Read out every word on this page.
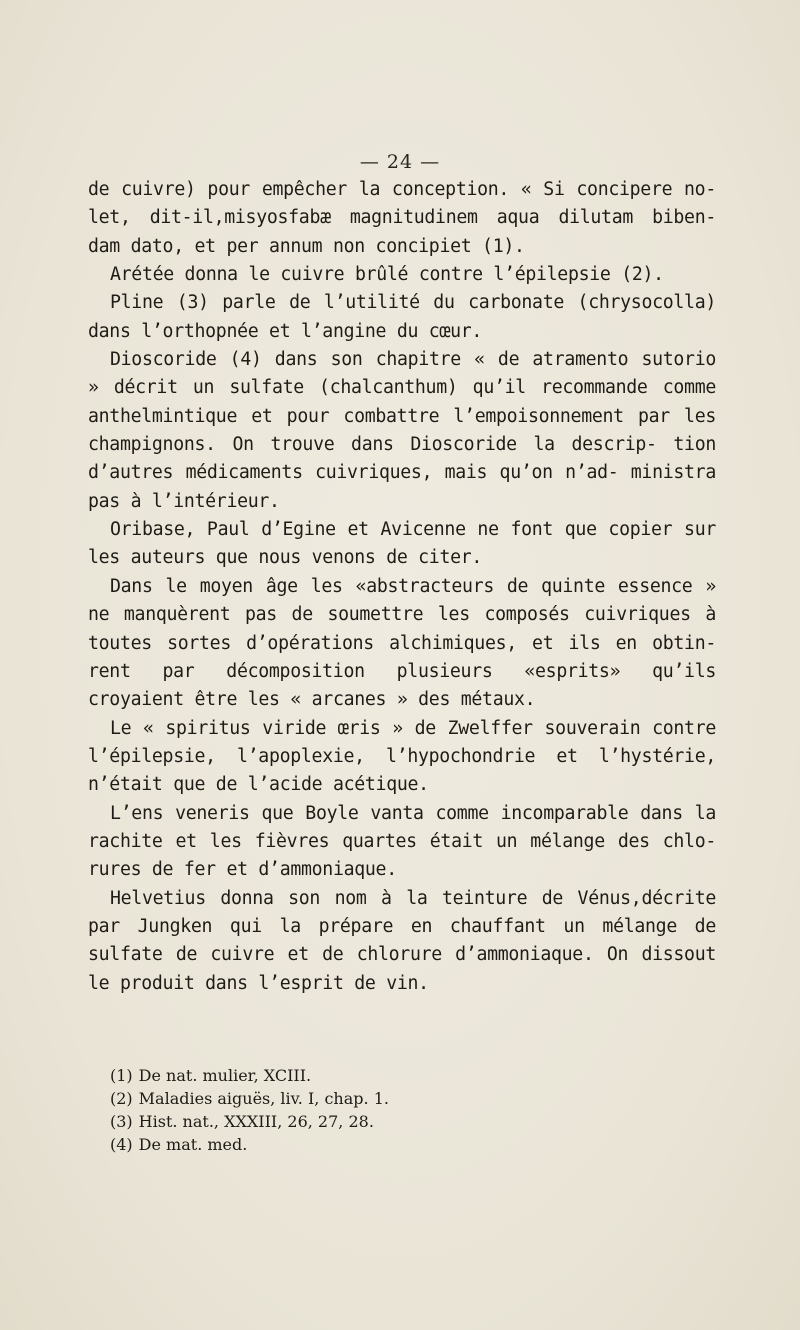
— 24 —

de cuivre) pour empêcher la conception. « Si concipere no- let, dit-il,misyosfabæ magnitudinem aqua dilutam biben- dam dato, et per annum non concipiet (1).

Arétée donna le cuivre brûlé contre l’épilepsie (2).

Pline (3) parle de l’utilité du carbonate (chrysocolla) dans l’orthopnée et l’angine du cœur.

Dioscoride (4) dans son chapitre « de atramento sutorio » décrit un sulfate (chalcanthum) qu’il recommande comme anthelmintique et pour combattre l’empoisonnement par les champignons. On trouve dans Dioscoride la descrip- tion d’autres médicaments cuivriques, mais qu’on n’ad- ministra pas à l’intérieur.

Oribase, Paul d’Egine et Avicenne ne font que copier sur les auteurs que nous venons de citer.

Dans le moyen âge les «abstracteurs de quinte essence » ne manquèrent pas de soumettre les composés cuivriques à toutes sortes d’opérations alchimiques, et ils en obtin- rent par décomposition plusieurs «esprits» qu’ils croyaient être les « arcanes » des métaux.

Le « spiritus viride œris » de Zwelffer souverain contre l’épilepsie, l’apoplexie, l’hypochondrie et l’hystérie, n’était que de l’acide acétique.

L’ens veneris que Boyle vanta comme incomparable dans la rachite et les fièvres quartes était un mélange des chlo- rures de fer et d’ammoniaque.

Helvetius donna son nom à la teinture de Vénus,décrite par Jungken qui la prépare en chauffant un mélange de sulfate de cuivre et de chlorure d’ammoniaque. On dissout le produit dans l’esprit de vin.

(1) De nat. mulier, XCIII.
(2) Maladies aiguës, liv. I, chap. 1.
(3) Hist. nat., XXXIII, 26, 27, 28.
(4) De mat. med.
